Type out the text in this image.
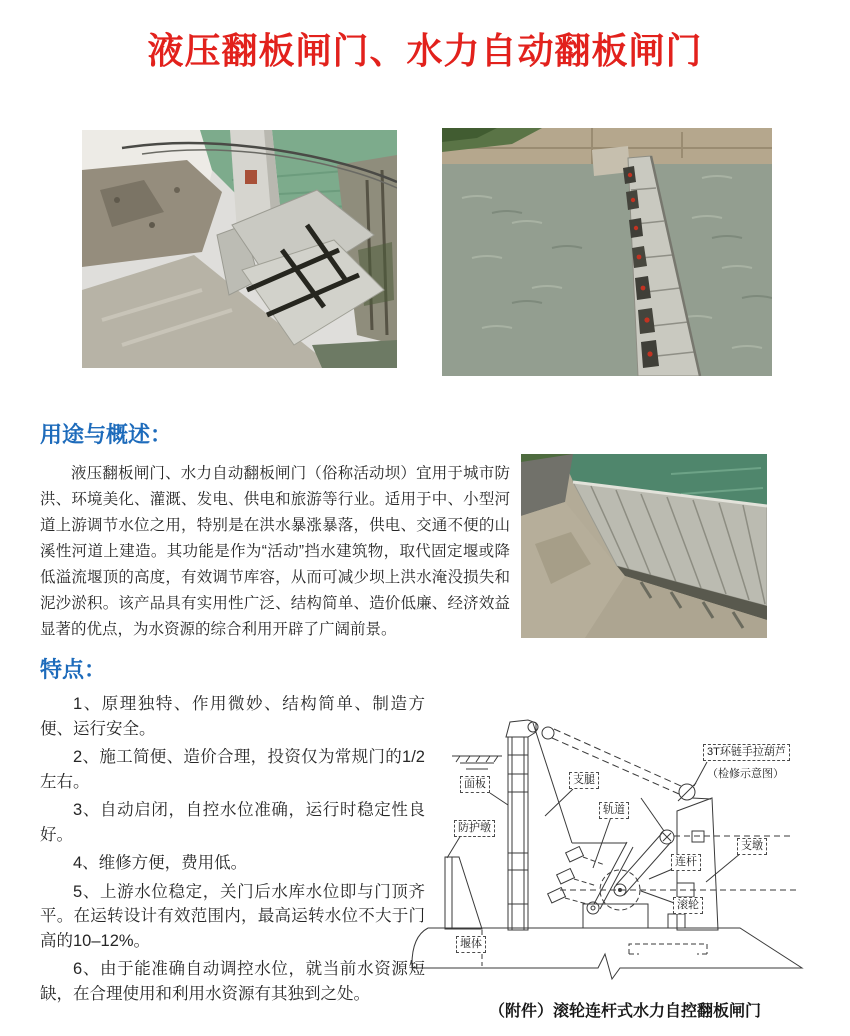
液压翻板闸门、水力自动翻板闸门
用途与概述：
液压翻板闸门、水力自动翻板闸门（俗称活动坝）宜用于城市防洪、环境美化、灌溉、发电、供电和旅游等行业。适用于中、小型河道上游调节水位之用，特别是在洪水暴涨暴落，供电、交通不便的山溪性河道上建造。其功能是作为“活动”挡水建筑物，取代固定堰或降低溢流堰顶的高度，有效调节库容，从而可减少坝上洪水淹没损失和泥沙淤积。该产品具有实用性广泛、结构简单、造价低廉、经济效益显著的优点，为水资源的综合利用开辟了广阔前景。
特点：

1、原理独特、作用微妙、结构简单、制造方便、运行安全。

2、施工简便、造价合理，投资仅为常规门的1/2左右。

3、自动启闭，自控水位准确，运行时稳定性良好。

4、维修方便，费用低。

5、上游水位稳定，关门后水库水位即与门顶齐平。在运转设计有效范围内，最高运转水位不大于门高的10–12%。

6、由于能准确自动调控水位，就当前水资源短缺，在合理使用和利用水资源有其独到之处。

面板
防护墩
支腿
轨道
3T环链手拉葫芦
（检修示意图）
连杆
支墩
滚轮
堰体
（附件）滚轮连杆式水力自控翻板闸门
